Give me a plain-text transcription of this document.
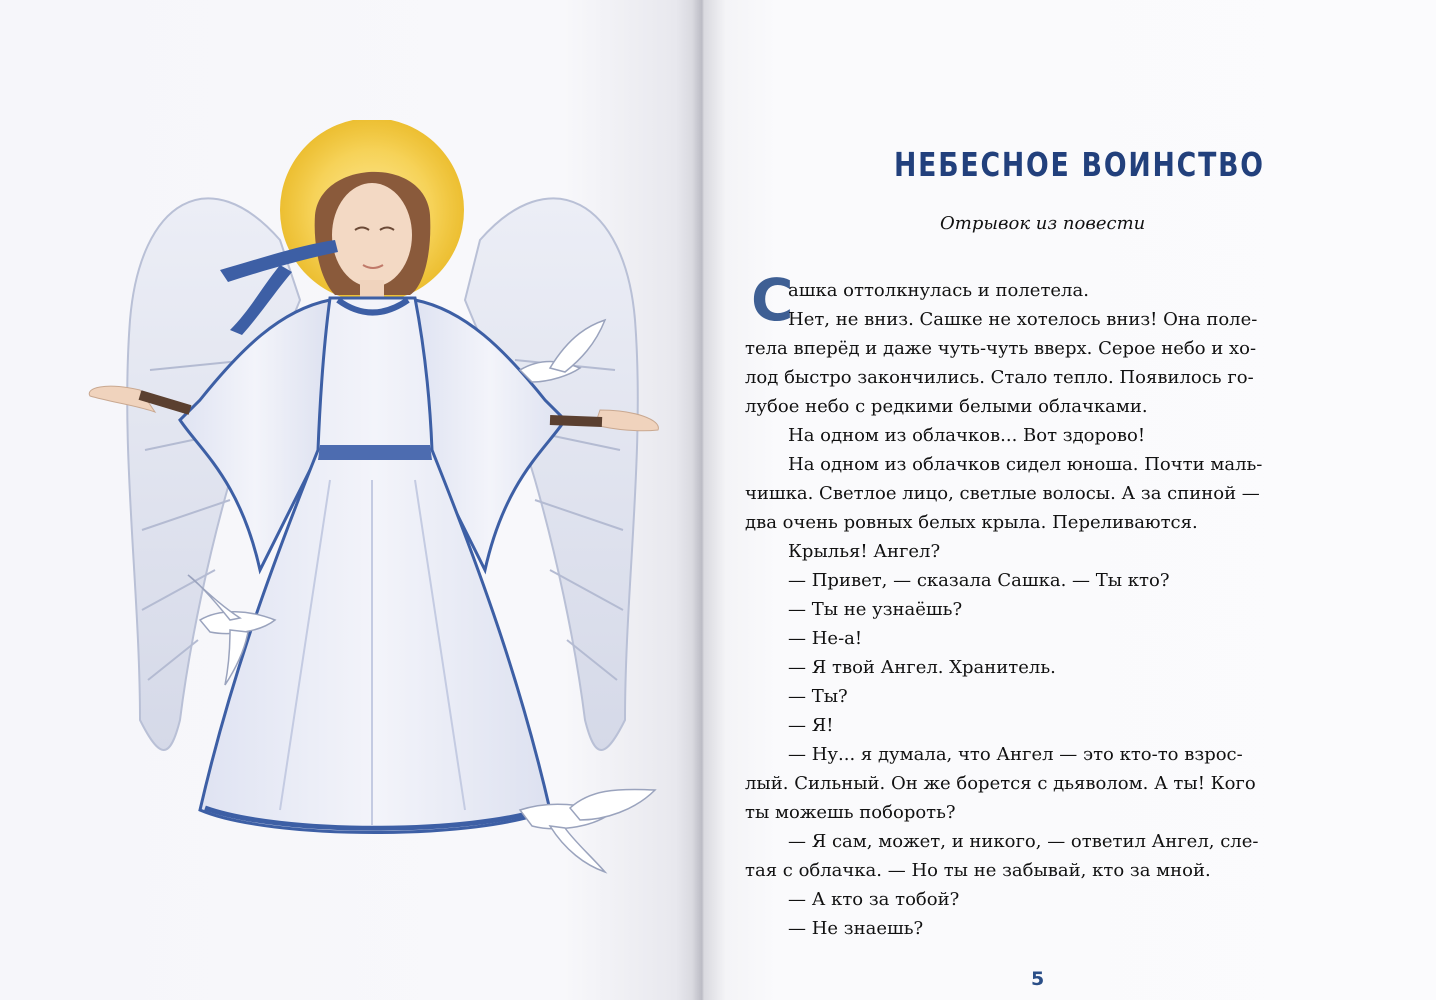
НЕБЕСНОЕ ВОИНСТВО
Отрывок из повести
С
ашка оттолкнулась и полетела.
Нет, не вниз. Сашке не хотелось вниз! Она поле-
тела вперёд и даже чуть-чуть вверх. Серое небо и хо-
лод быстро закончились. Стало тепло. Появилось го-
лубое небо с редкими белыми облачками.
На одном из облачков... Вот здорово!
На одном из облачков сидел юноша. Почти маль-
чишка. Светлое лицо, светлые волосы. А за спиной —
два очень ровных белых крыла. Переливаются.
Крылья! Ангел?
— Привет, — сказала Сашка. — Ты кто?
— Ты не узнаёшь?
— Не-а!
— Я твой Ангел. Хранитель.
— Ты?
— Я!
— Ну... я думала, что Ангел — это кто-то взрос-
лый. Сильный. Он же борется с дьяволом. А ты! Кого
ты можешь побороть?
— Я сам, может, и никого, — ответил Ангел, сле-
тая с облачка. — Но ты не забывай, кто за мной.
— А кто за тобой?
— Не знаешь?
5
